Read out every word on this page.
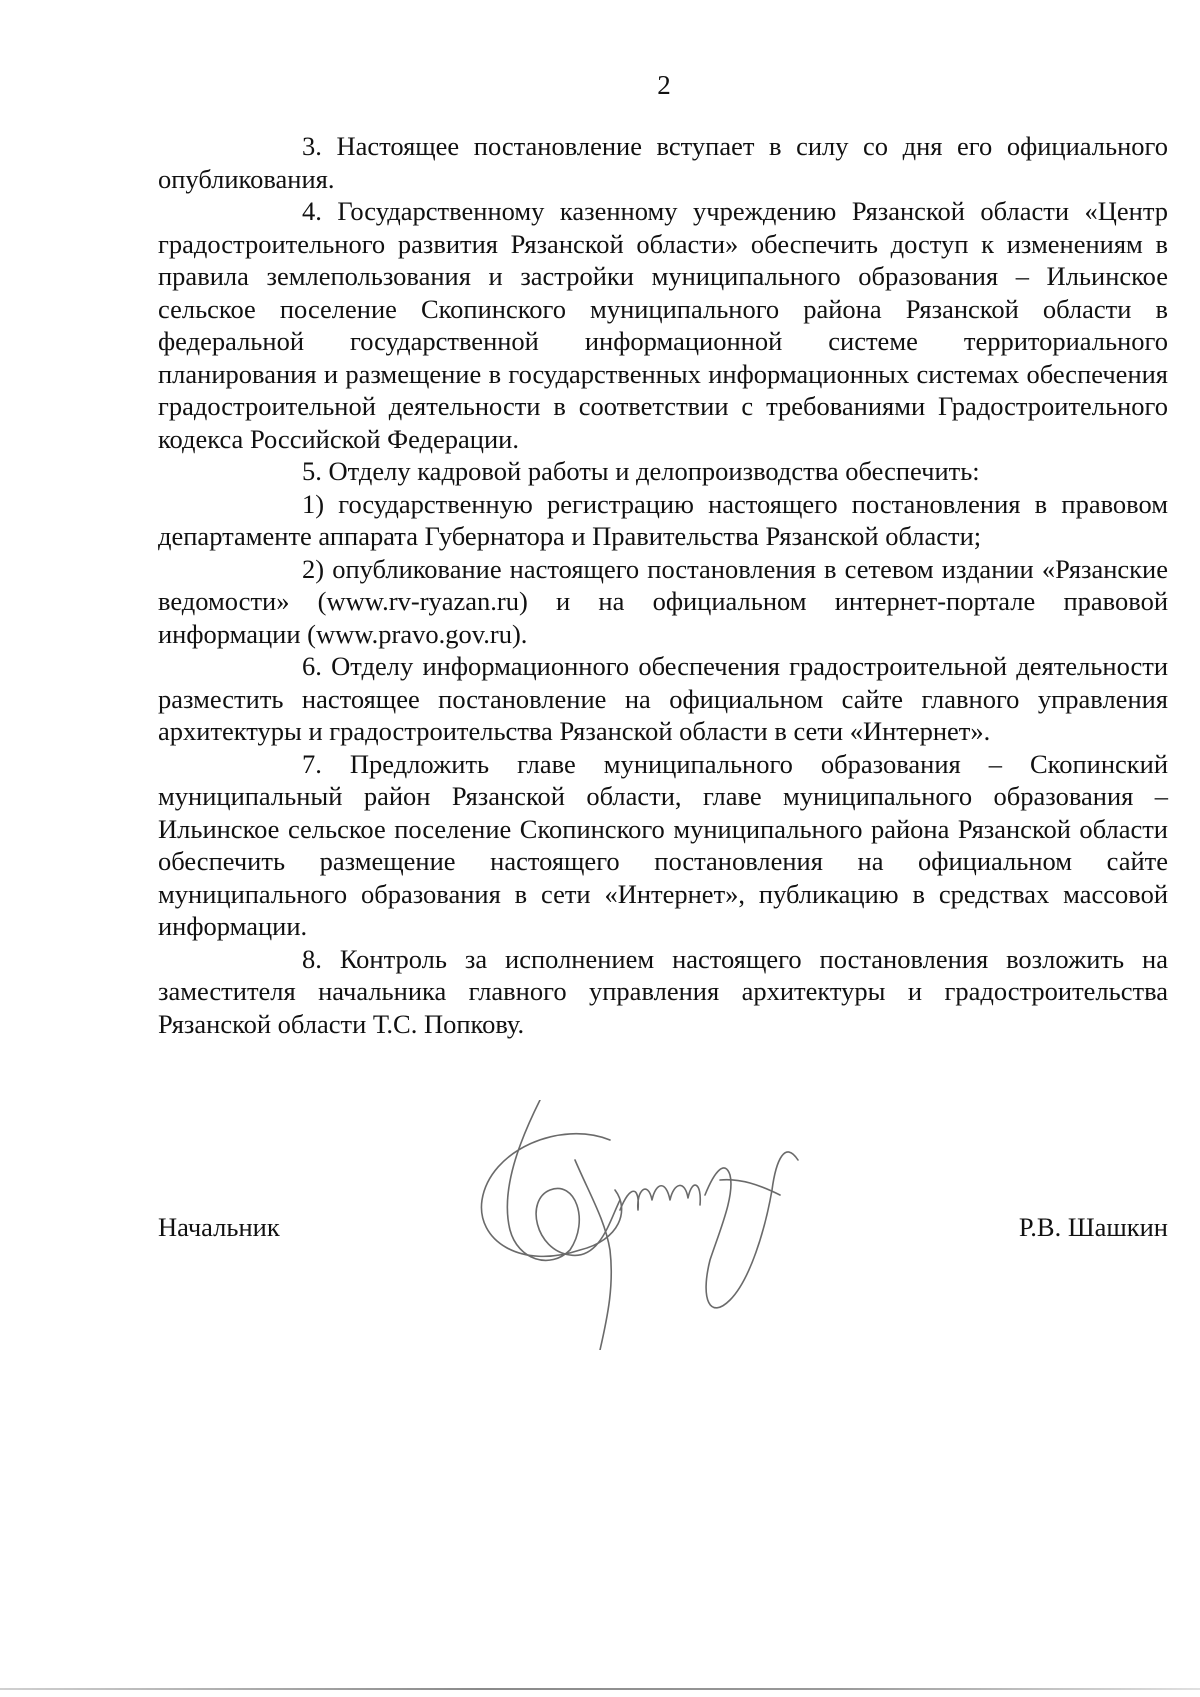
2

3. Настоящее постановление вступает в силу со дня его официального опубликования.

4. Государственному казенному учреждению Рязанской области «Центр градостроительного развития Рязанской области» обеспечить доступ к изменениям в правила землепользования и застройки муниципального образования – Ильинское сельское поселение Скопинского муниципального района Рязанской области в федеральной государственной информационной системе территориального планирования и размещение в государственных информационных системах обеспечения градостроительной деятельности в соответствии с требованиями Градостроительного кодекса Российской Федерации.

5. Отделу кадровой работы и делопроизводства обеспечить:

1) государственную регистрацию настоящего постановления в правовом департаменте аппарата Губернатора и Правительства Рязанской области;

2) опубликование настоящего постановления в сетевом издании «Рязанские ведомости» (www.rv-ryazan.ru) и на официальном интернет-портале правовой информации (www.pravo.gov.ru).

6. Отделу информационного обеспечения градостроительной деятельности разместить настоящее постановление на официальном сайте главного управления архитектуры и градостроительства Рязанской области в сети «Интернет».

7. Предложить главе муниципального образования – Скопинский муниципальный район Рязанской области, главе муниципального образования – Ильинское сельское поселение Скопинского муниципального района Рязанской области обеспечить размещение настоящего постановления на официальном сайте муниципального образования в сети «Интернет», публикацию в средствах массовой информации.

8. Контроль за исполнением настоящего постановления возложить на заместителя начальника главного управления архитектуры и градостроительства Рязанской области Т.С. Попкову.

Начальник	Р.В. Шашкин
